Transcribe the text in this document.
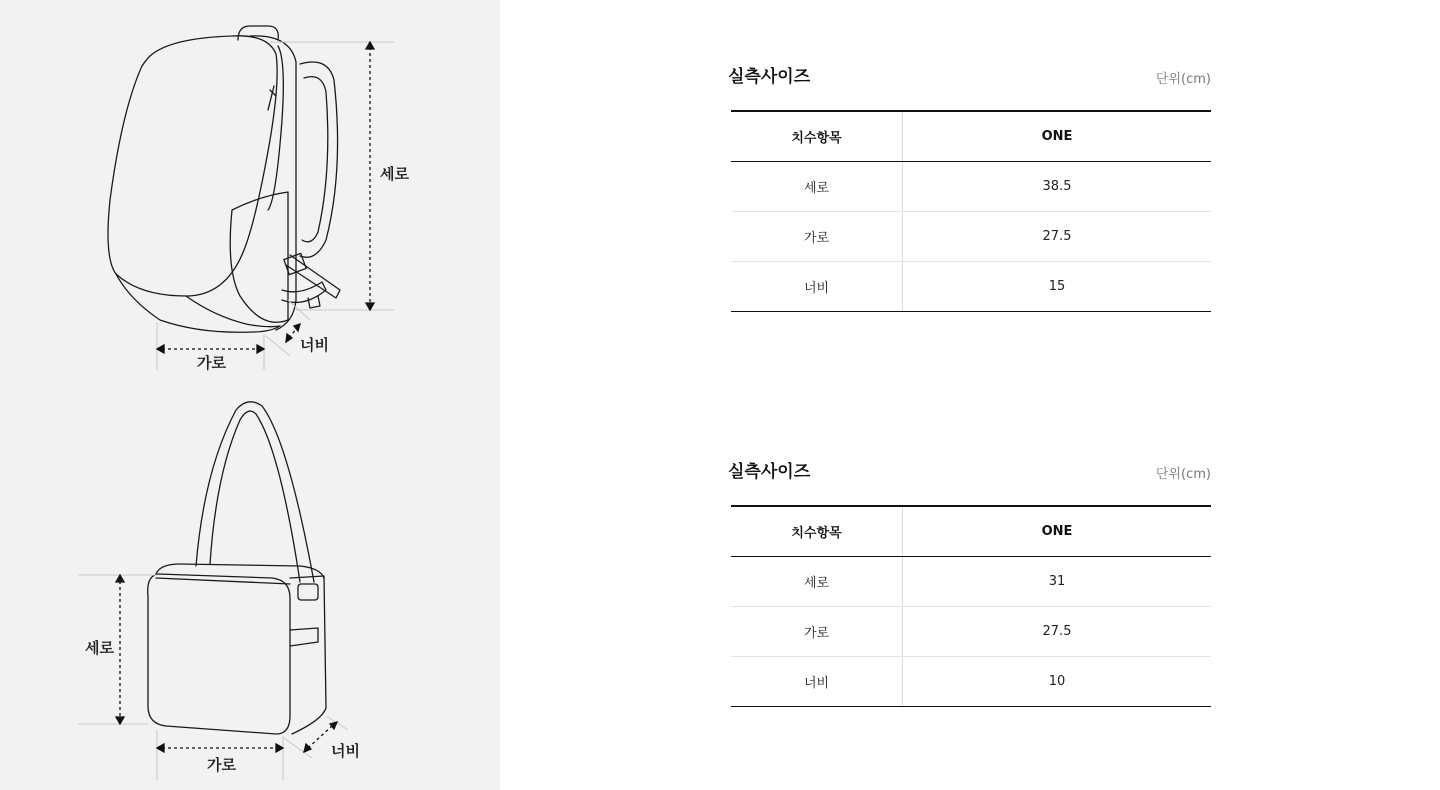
세로
가로
너비
세로
가로
너비
실측사이즈	단위(cm)
치수항목	ONE
세로	38.5
가로	27.5
너비	15
실측사이즈	단위(cm)
치수항목	ONE
세로	31
가로	27.5
너비	10
